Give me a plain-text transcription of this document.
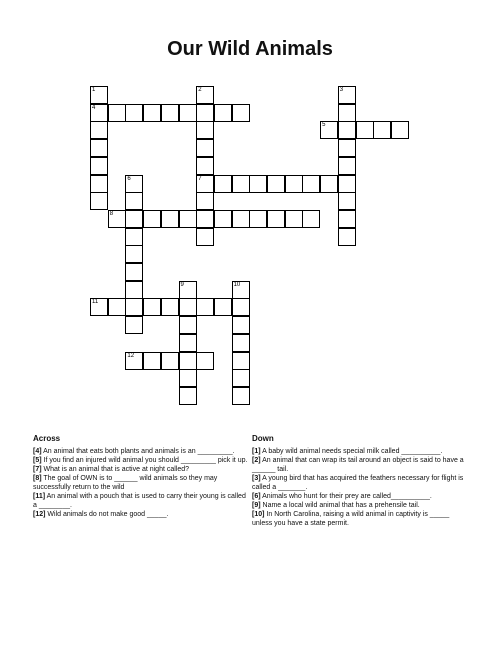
Our Wild Animals
1
4
2
7
3
5
6
8
9	10
11
12
Across	Down

[4] An animal that eats both plants and animals is an _________.

[5] If you find an injured wild animal you should _________ pick it up.

[7] What is an animal that is active at night called?

[8] The goal of OWN is to ______ wild animals so they may successfully return to the wild

[11] An animal with a pouch that is used to carry their young is called a ________.

[12] Wild animals do not make good _____.

[1] A baby wild animal needs special milk called __________.

[2] An animal that can wrap its tail around an object is said to have a ______ tail.

[3] A young bird that has acquired the feathers necessary for flight is called a _______.

[6] Animals who hunt for their prey are called__________.

[9] Name a local wild animal that has a prehensile tail.

[10] In North Carolina, raising a wild animal in captivity is _____ unless you have a state permit.
